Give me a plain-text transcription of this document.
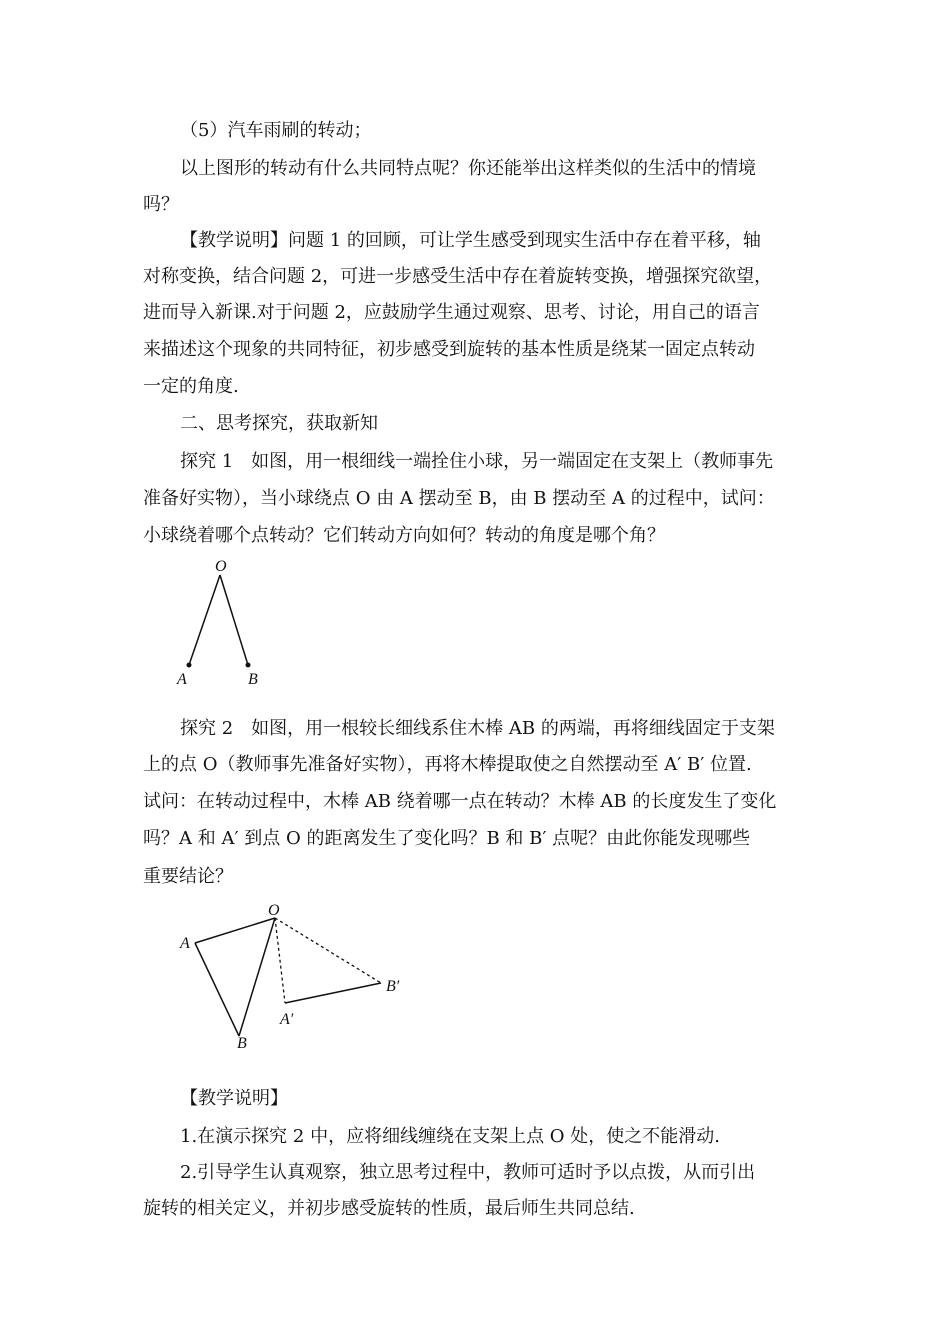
（5）汽车雨刷的转动；
以上图形的转动有什么共同特点呢？你还能举出这样类似的生活中的情境
吗？
【教学说明】问题 1 的回顾，可让学生感受到现实生活中存在着平移，轴
对称变换，结合问题 2，可进一步感受生活中存在着旋转变换，增强探究欲望，
进而导入新课.对于问题 2，应鼓励学生通过观察、思考、讨论，用自己的语言
来描述这个现象的共同特征，初步感受到旋转的基本性质是绕某一固定点转动
一定的角度.
二、思考探究，获取新知
探究 1　如图，用一根细线一端拴住小球，另一端固定在支架上（教师事先
准备好实物），当小球绕点 O 由 A 摆动至 B，由 B 摆动至 A 的过程中，试问：
小球绕着哪个点转动？它们转动方向如何？转动的角度是哪个角？
O
A	B
探究 2　如图，用一根较长细线系住木棒 AB 的两端，再将细线固定于支架
上的点 O（教师事先准备好实物），再将木棒提取使之自然摆动至 A′ B′ 位置.
试问：在转动过程中，木棒 AB 绕着哪一点在转动？木棒 AB 的长度发生了变化
吗？A 和 A′ 到点 O 的距离发生了变化吗？B 和 B′ 点呢？由此你能发现哪些
重要结论？
O
A
B
A′
B′
【教学说明】
1.在演示探究 2 中，应将细线缠绕在支架上点 O 处，使之不能滑动.
2.引导学生认真观察，独立思考过程中，教师可适时予以点拨，从而引出
旋转的相关定义，并初步感受旋转的性质，最后师生共同总结.
